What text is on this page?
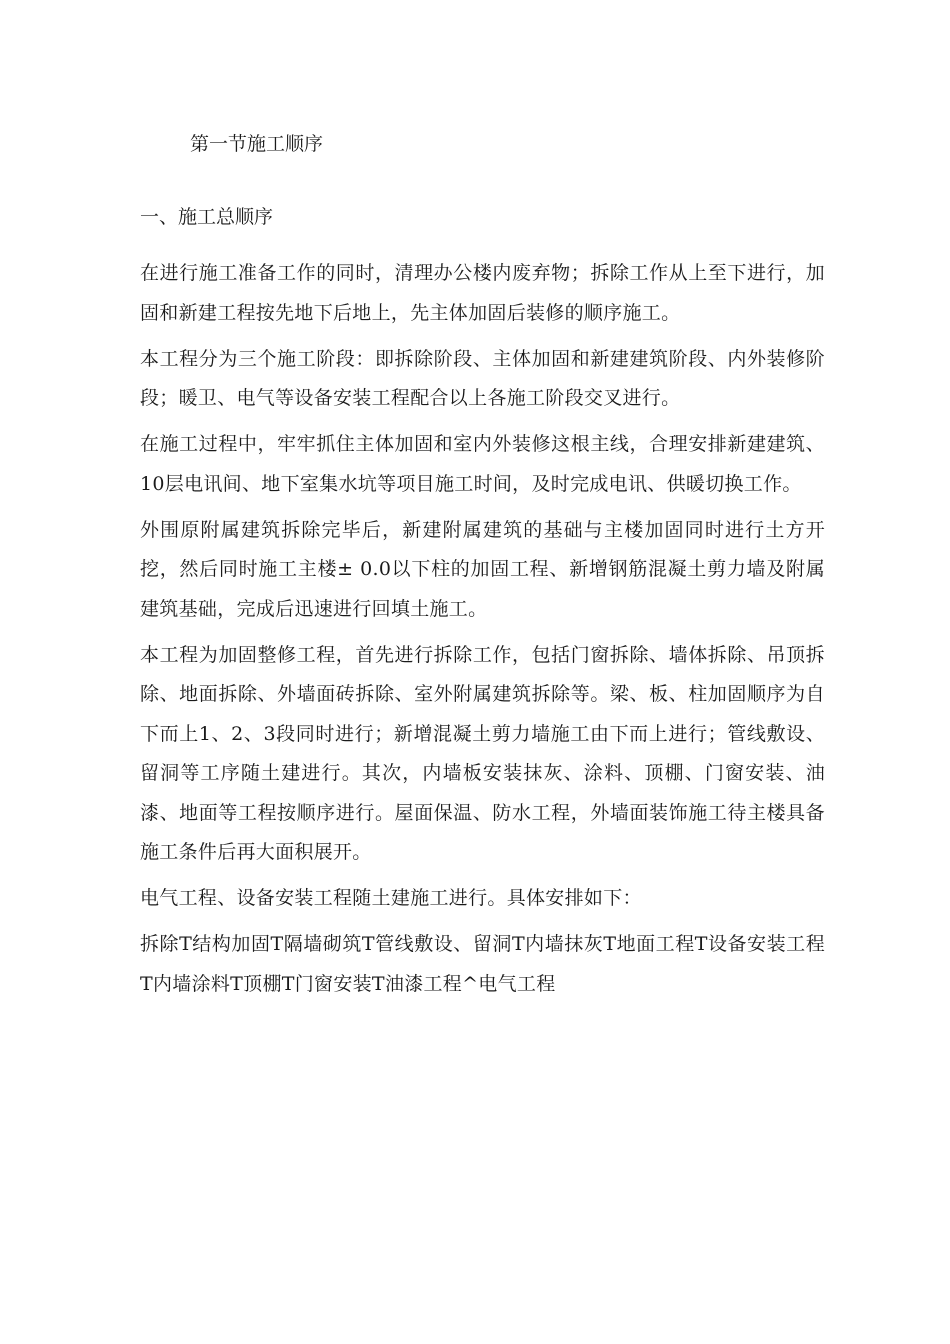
第一节施工顺序
一、施工总顺序

在进行施工准备工作的同时，清理办公楼内废弃物；拆除工作从上至下进行，加固和新建工程按先地下后地上，先主体加固后装修的顺序施工。

本工程分为三个施工阶段：即拆除阶段、主体加固和新建建筑阶段、内外装修阶段；暖卫、电气等设备安装工程配合以上各施工阶段交叉进行。

在施工过程中，牢牢抓住主体加固和室内外装修这根主线，合理安排新建建筑、10层电讯间、地下室集水坑等项目施工时间，及时完成电讯、供暖切换工作。

外围原附属建筑拆除完毕后，新建附属建筑的基础与主楼加固同时进行土方开挖，然后同时施工主楼± 0.0以下柱的加固工程、新增钢筋混凝土剪力墙及附属建筑基础，完成后迅速进行回填土施工。

本工程为加固整修工程，首先进行拆除工作，包括门窗拆除、墙体拆除、吊顶拆除、地面拆除、外墙面砖拆除、室外附属建筑拆除等。梁、板、柱加固顺序为自下而上1、2、3段同时进行；新增混凝土剪力墙施工由下而上进行；管线敷设、留洞等工序随土建进行。其次，内墙板安装抹灰、涂料、顶棚、门窗安装、油漆、地面等工程按顺序进行。屋面保温、防水工程，外墙面装饰施工待主楼具备施工条件后再大面积展开。

电气工程、设备安装工程随土建施工进行。具体安排如下：

拆除T结构加固T隔墙砌筑T管线敷设、留洞T内墙抹灰T地面工程T设备安装工程T内墙涂料T顶棚T门窗安装T油漆工程^电气工程
